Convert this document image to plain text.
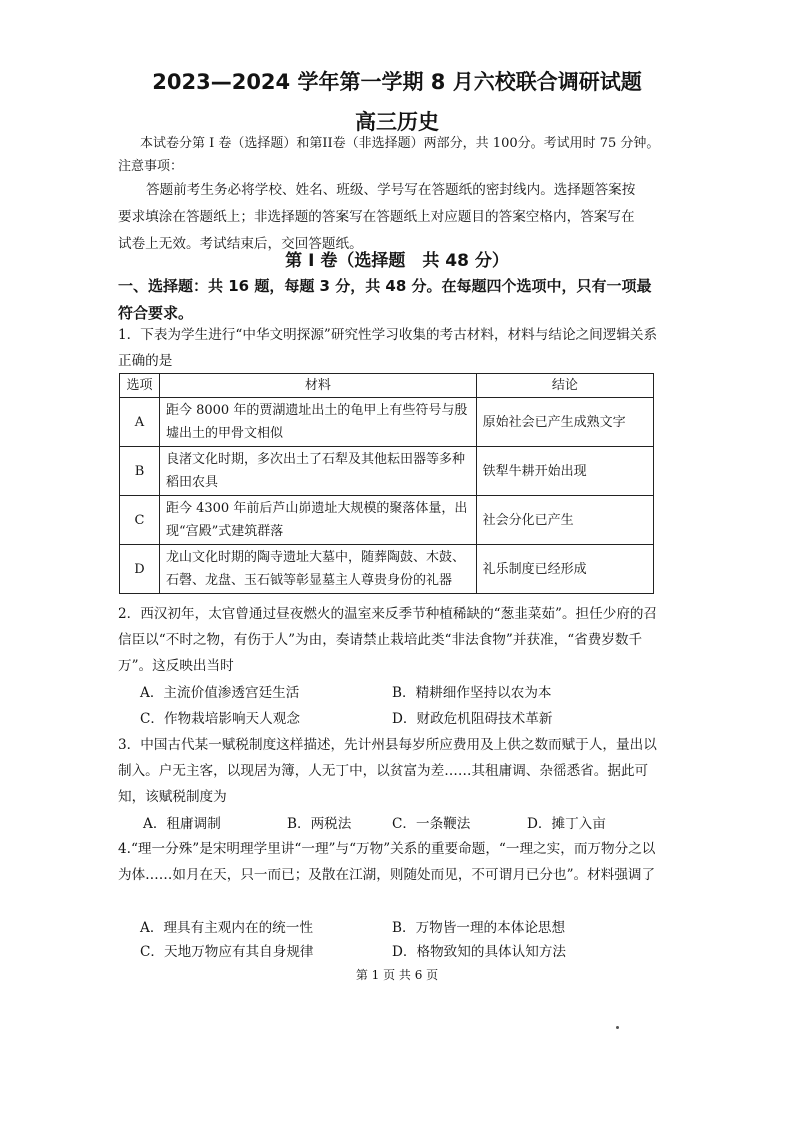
2023—2024 学年第一学期 8 月六校联合调研试题
高三历史
本试卷分第 I 卷（选择题）和第II卷（非选择题）两部分，共 100分。考试用时 75 分钟。
注意事项：
答题前考生务必将学校、姓名、班级、学号写在答题纸的密封线内。选择题答案按要求填涂在答题纸上；非选择题的答案写在答题纸上对应题目的答案空格内，答案写在试卷上无效。考试结束后，交回答题纸。
第 I 卷（选择题　共 48 分）
一、选择题：共 16 题，每题 3 分，共 48 分。在每题四个选项中，只有一项最符合要求。
1．下表为学生进行“中华文明探源”研究性学习收集的考古材料，材料与结论之间逻辑关系正确的是
选项	材料	结论
A	距今 8000 年的贾湖遗址出土的龟甲上有些符号与殷墟出土的甲骨文相似	原始社会已产生成熟文字
B	良渚文化时期，多次出土了石犁及其他耘田器等多种稻田农具	铁犁牛耕开始出现
C	距今 4300 年前后芦山峁遗址大规模的聚落体量，出现“宫殿”式建筑群落	社会分化已产生
D	龙山文化时期的陶寺遗址大墓中，随葬陶鼓、木鼓、石磬、龙盘、玉石钺等彰显墓主人尊贵身份的礼器	礼乐制度已经形成
2．西汉初年，太官曾通过昼夜燃火的温室来反季节种植稀缺的“葱韭菜茹”。担任少府的召信臣以“不时之物，有伤于人”为由，奏请禁止栽培此类“非法食物”并获准，“省费岁数千万”。这反映出当时
A．主流价值渗透宫廷生活	B．精耕细作坚持以农为本
C．作物栽培影响天人观念	D．财政危机阻碍技术革新
3．中国古代某一赋税制度这样描述，先计州县每岁所应费用及上供之数而赋于人，量出以制入。户无主客，以现居为簿，人无丁中，以贫富为差……其租庸调、杂徭悉省。据此可知，该赋税制度为
A．租庸调制	B．两税法	C．一条鞭法	D．摊丁入亩
4.“理一分殊”是宋明理学里讲“一理”与“万物”关系的重要命题，“一理之实，而万物分之以为体……如月在天，只一而已；及散在江湖，则随处而见，不可谓月已分也”。材料强调了
A．理具有主观内在的统一性	B．万物皆一理的本体论思想
C．天地万物应有其自身规律	D．格物致知的具体认知方法
第 1 页 共 6 页
